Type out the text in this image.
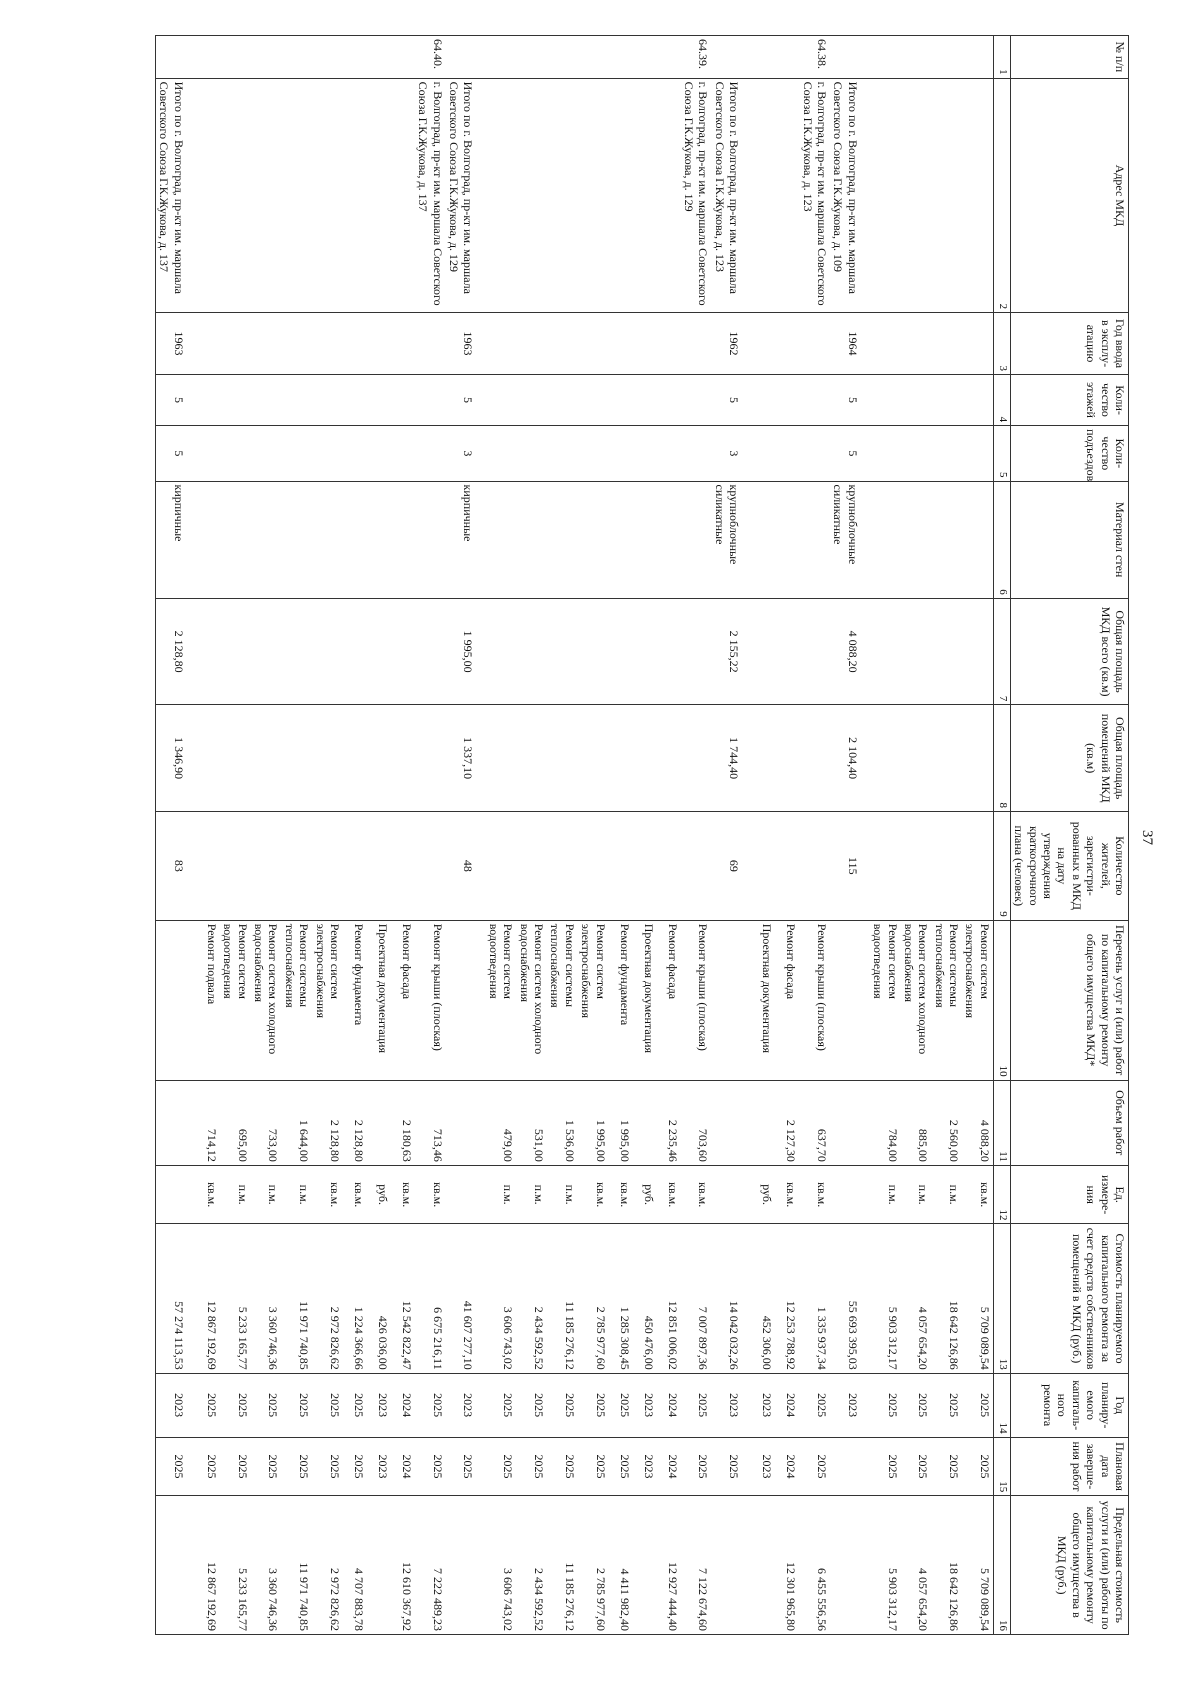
37
№ п/п	Адрес МКД	Год ввода в эксплу-атацию	Коли-чество этажей	Коли-чество подъездов	Материал стен	Общая площадь МКД всего (кв.м)	Общая площадь помещений МКД (кв.м)	Количество жителей, зарегистри-рованных в МКД на дату утверждения краткосрочного плана (человек)	Перечень услуг и (или) работ по капитальному ремонту общего имущества МКД*	Объем работ	Ед. измере-ния	Стоимость планируемого капитального ремонта за счет средств собственников помещений в МКД (руб.)	Год планиру-емого капиталь-ного ремонта	Плановая дата заверше-ния работ	Предельная стоимость услуги и (или) работы по капитальному ремонту общего имущества в МКД (руб.)
1	2	3	4	5	6	7	8	9	10	11	12	13	14	15	16
									Ремонт систем электроснабжения	4 088,20	кв.м.	5 709 089,54	2025	2025	5 709 089,54
									Ремонт системы теплоснабжения	2 560,00	п.м.	18 642 126,86	2025	2025	18 642 126,86
									Ремонт систем холодного водоснабжения	885,00	п.м.	4 057 654,20	2025	2025	4 057 654,20
									Ремонт систем водоотведения	784,00	п.м.	5 903 312,17	2025	2025	5 903 312,17
	Итого по г. Волгоград, пр-кт им. маршала Советского Союза Г.К.Жукова, д. 109	1964	5	5	крупноблочные силикатные	4 088,20	2 104,40	115				55 693 395,03	2023		
64.38.	г. Волгоград, пр-кт им. маршала Советского Союза Г.К.Жукова, д. 123								Ремонт крыши (плоская)	637,70	кв.м.	1 335 937,34	2025	2025	6 455 556,56
									Ремонт фасада	2 127,30	кв.м.	12 253 788,92	2024	2024	12 301 965,80
									Проектная документация		руб.	452 306,00	2023	2023	
	Итого по г. Волгоград, пр-кт им. маршала Советского Союза Г.К.Жукова, д. 123	1962	5	3	крупноблочные силикатные	2 155,22	1 744,40	69				14 042 032,26	2023	2025	
64.39.	г. Волгоград, пр-кт им. маршала Советского Союза Г.К.Жукова, д. 129								Ремонт крыши (плоская)	703,60	кв.м.	7 007 897,36	2025	2025	7 122 674,60
									Ремонт фасада	2 235,46	кв.м.	12 851 006,02	2024	2024	12 927 444,40
									Проектная документация		руб.	450 476,00	2023	2023	
									Ремонт фундамента	1 995,00	кв.м.	1 285 308,45	2025	2025	4 411 982,40
									Ремонт систем электроснабжения	1 995,00	кв.м.	2 785 977,60	2025	2025	2 785 977,60
									Ремонт системы теплоснабжения	1 536,00	п.м.	11 185 276,12	2025	2025	11 185 276,12
									Ремонт систем холодного водоснабжения	531,00	п.м.	2 434 592,52	2025	2025	2 434 592,52
									Ремонт систем водоотведения	479,00	п.м.	3 606 743,02	2025	2025	3 606 743,02
	Итого по г. Волгоград, пр-кт им. маршала Советского Союза Г.К.Жукова, д. 129	1963	5	3	кирпичные	1 995,00	1 337,10	48				41 607 277,10	2023	2025	
64.40.	г. Волгоград, пр-кт им. маршала Советского Союза Г.К.Жукова, д. 137								Ремонт крыши (плоская)	713,46	кв.м.	6 675 216,11	2025	2025	7 222 489,23
									Ремонт фасада	2 180,63	кв.м.	12 542 822,47	2024	2024	12 610 367,92
									Проектная документация		руб.	426 036,00	2023	2023	
									Ремонт фундамента	2 128,80	кв.м.	1 224 366,66	2025	2025	4 707 883,78
									Ремонт систем электроснабжения	2 128,80	кв.м.	2 972 826,62	2025	2025	2 972 826,62
									Ремонт системы теплоснабжения	1 644,00	п.м.	11 971 740,85	2025	2025	11 971 740,85
									Ремонт систем холодного водоснабжения	733,00	п.м.	3 360 746,36	2025	2025	3 360 746,36
									Ремонт систем водоотведения	695,00	п.м.	5 233 165,77	2025	2025	5 233 165,77
									Ремонт подвала	714,12	кв.м.	12 867 192,69	2025	2025	12 867 192,69
	Итого по г. Волгоград, пр-кт им. маршала Советского Союза Г.К.Жукова, д. 137	1963	5	5	кирпичные	2 128,80	1 346,90	83				57 274 113,53	2023	2025	
